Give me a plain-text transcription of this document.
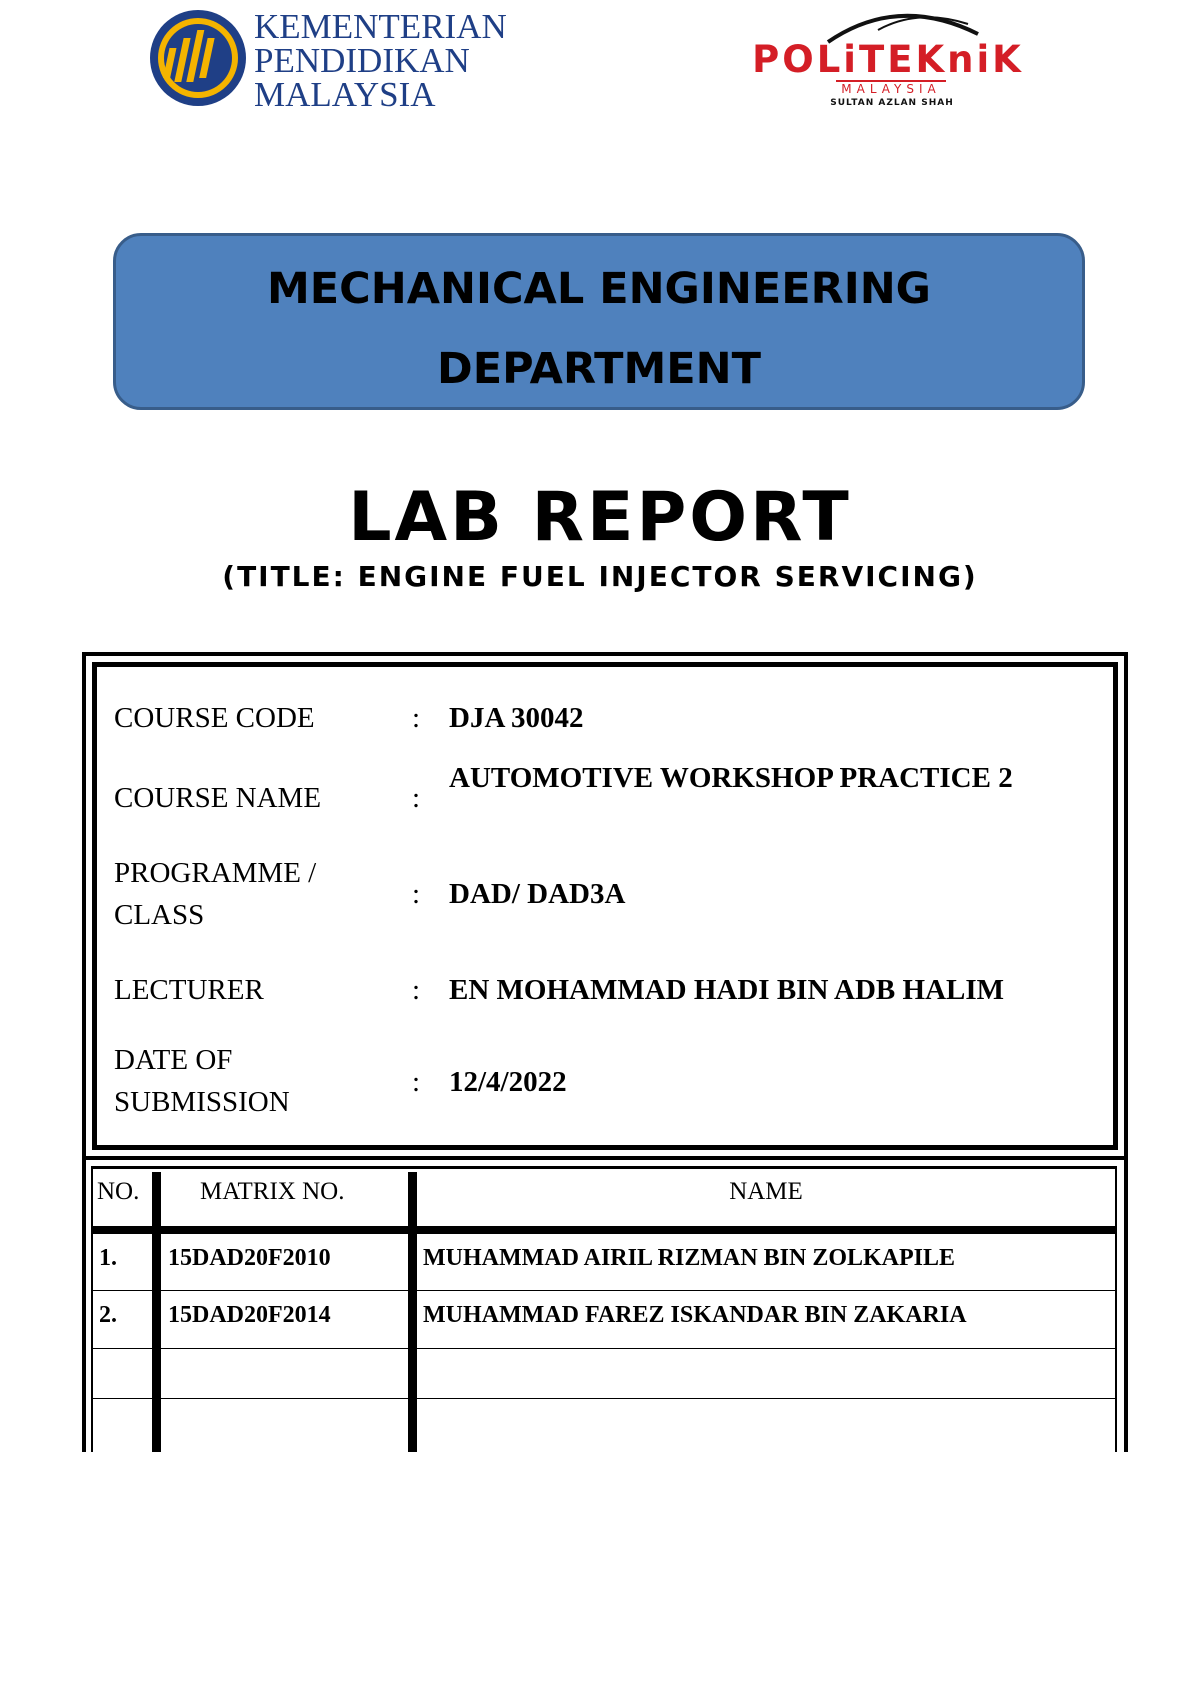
KEMENTERIAN
PENDIDIKAN
MALAYSIA
POLiTEKniK
MALAYSIA
SULTAN AZLAN SHAH
MECHANICAL ENGINEERING
DEPARTMENT
LAB REPORT
(TITLE: ENGINE FUEL INJECTOR SERVICING)
COURSE CODE	: DJA 30042
COURSE NAME	:
AUTOMOTIVE WORKSHOP PRACTICE 2
PROGRAMME /
CLASS
: DAD/ DAD3A
LECTURER	: EN MOHAMMAD HADI BIN ADB HALIM
DATE OF
SUBMISSION
: 12/4/2022
NO. MATRIX NO.	NAME
1. 15DAD20F2010	MUHAMMAD AIRIL RIZMAN BIN ZOLKAPILE
2. 15DAD20F2014	MUHAMMAD FAREZ ISKANDAR BIN ZAKARIA
